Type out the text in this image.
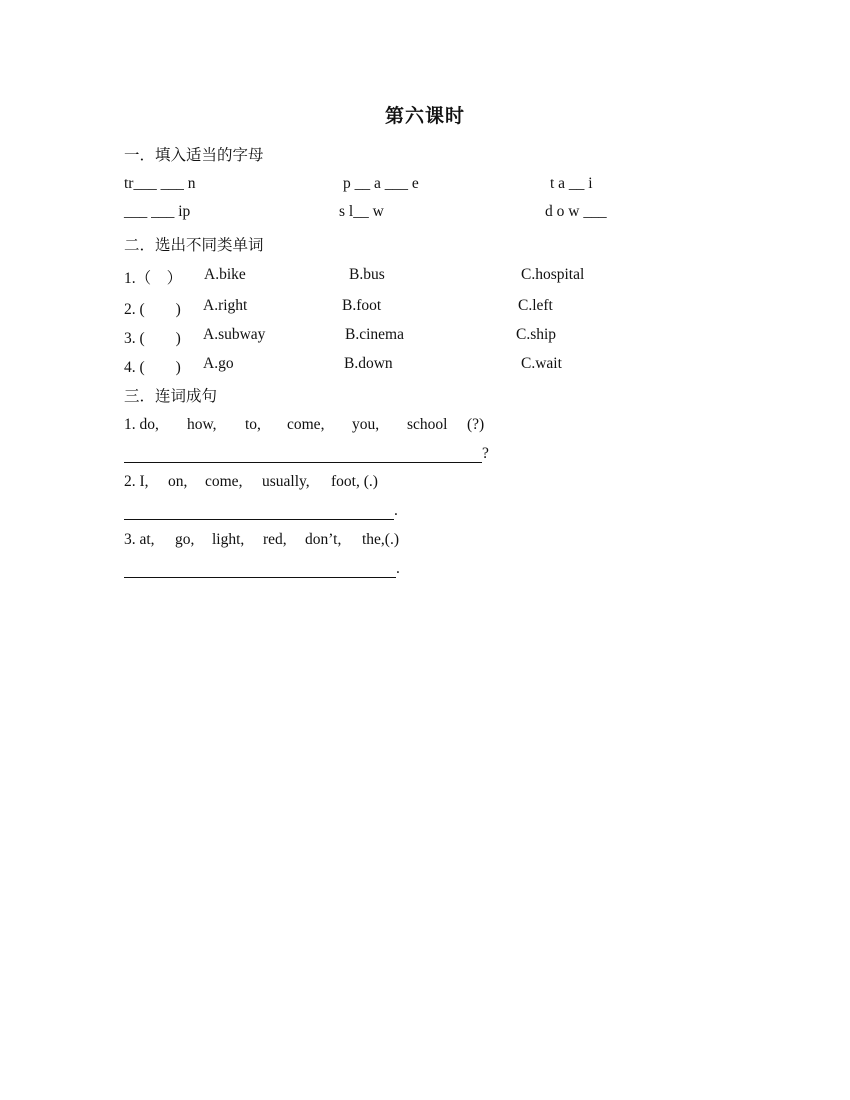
第六课时
一．填入适当的字母
tr___ ___ n	p __ a ___ e	t a __ i
___ ___ ip	s l__ w	d o w ___
二．选出不同类单词
1.（　） A.bike	B.bus	C.hospital
2. (　　) A.right	B.foot	C.left
3. (　　) A.subway	B.cinema	C.ship
4. (　　) A.go	B.down	C.wait
三．连词成句
1. do, how, to, come, you, school (?)
?
2. I, on, come, usually, foot, (.)
.
3. at, go, light, red, don’t, the,(.)
.
